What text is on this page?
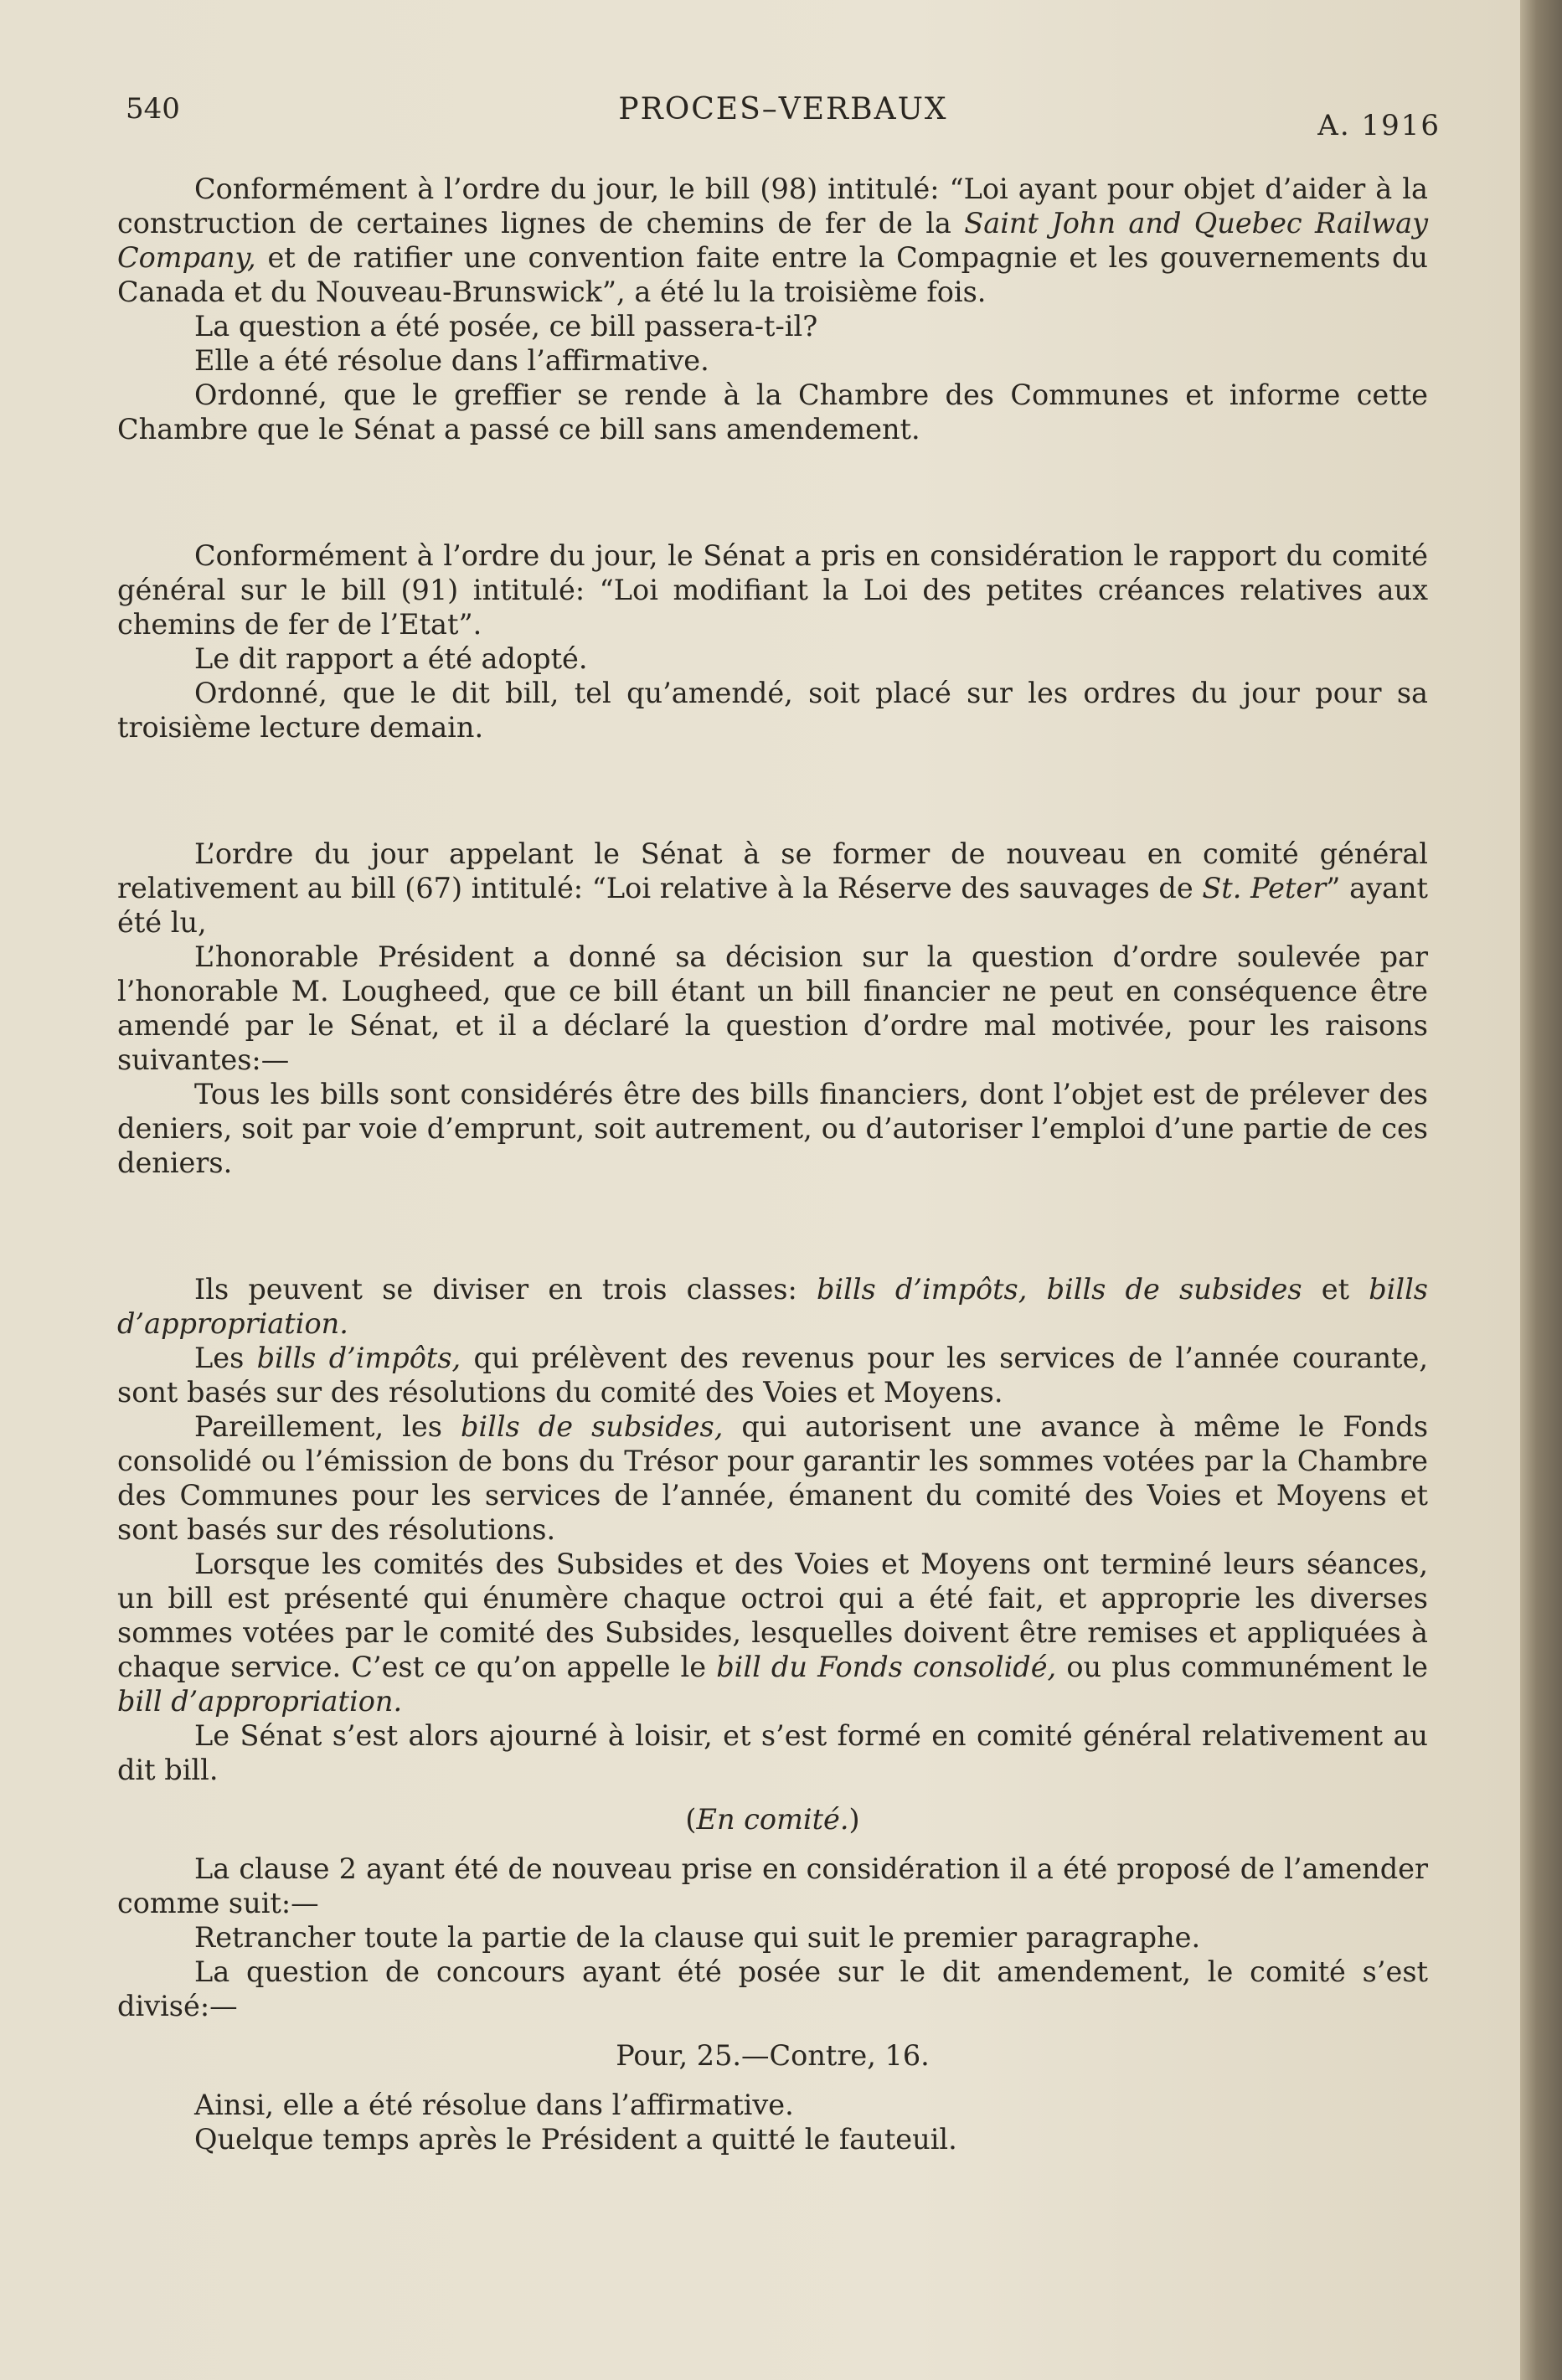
540	PROCES–VERBAUX	A. 1916

Conformément à l’ordre du jour, le bill (98) intitulé: “Loi ayant pour objet d’aider à la construction de certaines lignes de chemins de fer de la Saint John and Quebec Railway Company, et de ratifier une convention faite entre la Compagnie et les gouvernements du Canada et du Nouveau-Brunswick”, a été lu la troisième fois.

La question a été posée, ce bill passera-t-il?

Elle a été résolue dans l’affirmative.

Ordonné, que le greffier se rende à la Chambre des Communes et informe cette Chambre que le Sénat a passé ce bill sans amendement.

Conformément à l’ordre du jour, le Sénat a pris en considération le rapport du comité général sur le bill (91) intitulé: “Loi modifiant la Loi des petites créances relatives aux chemins de fer de l’Etat”.

Le dit rapport a été adopté.

Ordonné, que le dit bill, tel qu’amendé, soit placé sur les ordres du jour pour sa troisième lecture demain.

L’ordre du jour appelant le Sénat à se former de nouveau en comité général relativement au bill (67) intitulé: “Loi relative à la Réserve des sauvages de St. Peter” ayant été lu,

L’honorable Président a donné sa décision sur la question d’ordre soulevée par l’honorable M. Lougheed, que ce bill étant un bill financier ne peut en conséquence être amendé par le Sénat, et il a déclaré la question d’ordre mal motivée, pour les raisons suivantes:—

Tous les bills sont considérés être des bills financiers, dont l’objet est de prélever des deniers, soit par voie d’emprunt, soit autrement, ou d’autoriser l’emploi d’une partie de ces deniers.

Ils peuvent se diviser en trois classes: bills d’impôts, bills de subsides et bills d’appropriation.

Les bills d’impôts, qui prélèvent des revenus pour les services de l’année courante, sont basés sur des résolutions du comité des Voies et Moyens.

Pareillement, les bills de subsides, qui autorisent une avance à même le Fonds consolidé ou l’émission de bons du Trésor pour garantir les sommes votées par la Chambre des Communes pour les services de l’année, émanent du comité des Voies et Moyens et sont basés sur des résolutions.

Lorsque les comités des Subsides et des Voies et Moyens ont terminé leurs séances, un bill est présenté qui énumère chaque octroi qui a été fait, et approprie les diverses sommes votées par le comité des Subsides, lesquelles doivent être remises et appliquées à chaque service. C’est ce qu’on appelle le bill du Fonds consolidé, ou plus communément le bill d’appropriation.

Le Sénat s’est alors ajourné à loisir, et s’est formé en comité général relativement au dit bill.

(En comité.)

La clause 2 ayant été de nouveau prise en considération il a été proposé de l’amender comme suit:—

Retrancher toute la partie de la clause qui suit le premier paragraphe.

La question de concours ayant été posée sur le dit amendement, le comité s’est divisé:—

Pour, 25.—Contre, 16.

Ainsi, elle a été résolue dans l’affirmative.

Quelque temps après le Président a quitté le fauteuil.
